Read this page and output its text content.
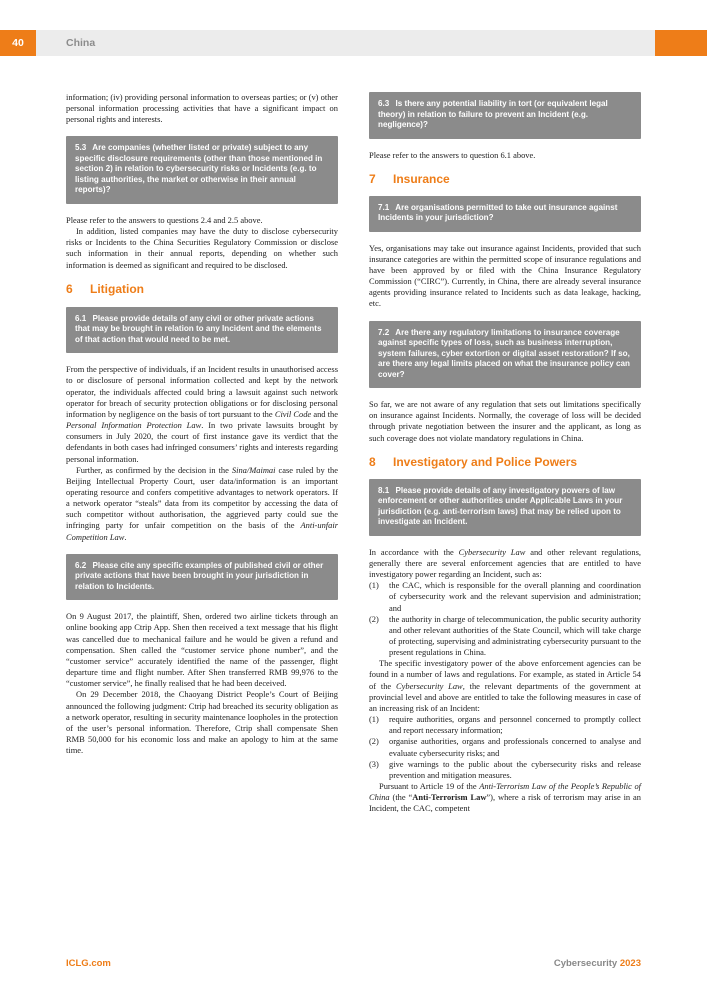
40	China

information; (iv) providing personal information to overseas parties; or (v) other personal information processing activities that have a significant impact on personal rights and interests.

5.3 Are companies (whether listed or private) subject to any specific disclosure requirements (other than those mentioned in section 2) in relation to cybersecurity risks or Incidents (e.g. to listing authorities, the market or otherwise in their annual reports)?

Please refer to the answers to questions 2.4 and 2.5 above.

In addition, listed companies may have the duty to disclose cybersecurity risks or Incidents to the China Securities Regulatory Commission or disclose such information in their annual reports, depending on whether such information is deemed as significant and required to be disclosed.

6 Litigation
6.1 Please provide details of any civil or other private actions that may be brought in relation to any Incident and the elements of that action that would need to be met.

From the perspective of individuals, if an Incident results in unauthorised access to or disclosure of personal information collected and kept by the network operator, the individuals affected could bring a lawsuit against such network operator for breach of security protection obligations or for disclosing personal information by negligence on the basis of tort pursuant to the Civil Code and the Personal Information Protection Law. In two private lawsuits brought by consumers in July 2020, the court of first instance gave its verdict that the defendants in both cases had infringed consumers’ rights and interests regarding personal information.

Further, as confirmed by the decision in the Sina/Maimai case ruled by the Beijing Intellectual Property Court, user data/information is an important operating resource and confers competitive advantages to network operators. If a network operator “steals” data from its competitor by accessing the data of such competitor without authorisation, the aggrieved party could sue the infringing party for unfair competition on the basis of the Anti-unfair Competition Law.

6.2 Please cite any specific examples of published civil or other private actions that have been brought in your jurisdiction in relation to Incidents.

On 9 August 2017, the plaintiff, Shen, ordered two airline tickets through an online booking app Ctrip App. Shen then received a text message that his flight was cancelled due to mechanical failure and he would be given a refund and compensation. Shen called the “customer service phone number”, and the “customer service” accurately identified the name of the passenger, flight departure time and flight number. After Shen transferred RMB 99,976 to the “customer service”, he finally realised that he had been deceived.

On 29 December 2018, the Chaoyang District People’s Court of Beijing announced the following judgment: Ctrip had breached its security obligation as a network operator, resulting in security maintenance loopholes in the protection of the user’s personal information. Therefore, Ctrip shall compensate Shen RMB 50,000 for his economic loss and make an apology to him at the same time.

6.3 Is there any potential liability in tort (or equivalent legal theory) in relation to failure to prevent an Incident (e.g. negligence)?

Please refer to the answers to question 6.1 above.

7 Insurance
7.1 Are organisations permitted to take out insurance against Incidents in your jurisdiction?

Yes, organisations may take out insurance against Incidents, provided that such insurance categories are within the permitted scope of insurance regulations and have been approved by or filed with the China Insurance Regulatory Commission (“CIRC”). Currently, in China, there are already several insurance agents providing insurance related to Incidents such as data leakage, hacking, etc.

7.2 Are there any regulatory limitations to insurance coverage against specific types of loss, such as business interruption, system failures, cyber extortion or digital asset restoration? If so, are there any legal limits placed on what the insurance policy can cover?

So far, we are not aware of any regulation that sets out limitations specifically on insurance against Incidents. Normally, the coverage of loss will be decided through private negotiation between the insurer and the applicant, as long as such coverage does not violate mandatory regulations in China.

8 Investigatory and Police Powers
8.1 Please provide details of any investigatory powers of law enforcement or other authorities under Applicable Laws in your jurisdiction (e.g. anti-terrorism laws) that may be relied upon to investigate an Incident.

In accordance with the Cybersecurity Law and other relevant regulations, generally there are several enforcement agencies that are entitled to have investigatory power regarding an Incident, such as:

(1)	the CAC, which is responsible for the overall planning and coordination of cybersecurity work and the relevant supervision and administration; and
(2)	the authority in charge of telecommunication, the public security authority and other relevant authorities of the State Council, which will take charge of protecting, supervising and administrating cybersecurity pursuant to the present regulations in China.

The specific investigatory power of the above enforcement agencies can be found in a number of laws and regulations. For example, as stated in Article 54 of the Cybersecurity Law, the relevant departments of the government at provincial level and above are entitled to take the following measures in case of an increasing risk of an Incident:

(1)	require authorities, organs and personnel concerned to promptly collect and report necessary information;
(2)	organise authorities, organs and professionals concerned to analyse and evaluate cybersecurity risks; and
(3)	give warnings to the public about the cybersecurity risks and release prevention and mitigation measures.

Pursuant to Article 19 of the Anti-Terrorism Law of the People’s Republic of China (the “Anti-Terrorism Law”), where a risk of terrorism may arise in an Incident, the CAC, competent

ICLG.com	Cybersecurity 2023
